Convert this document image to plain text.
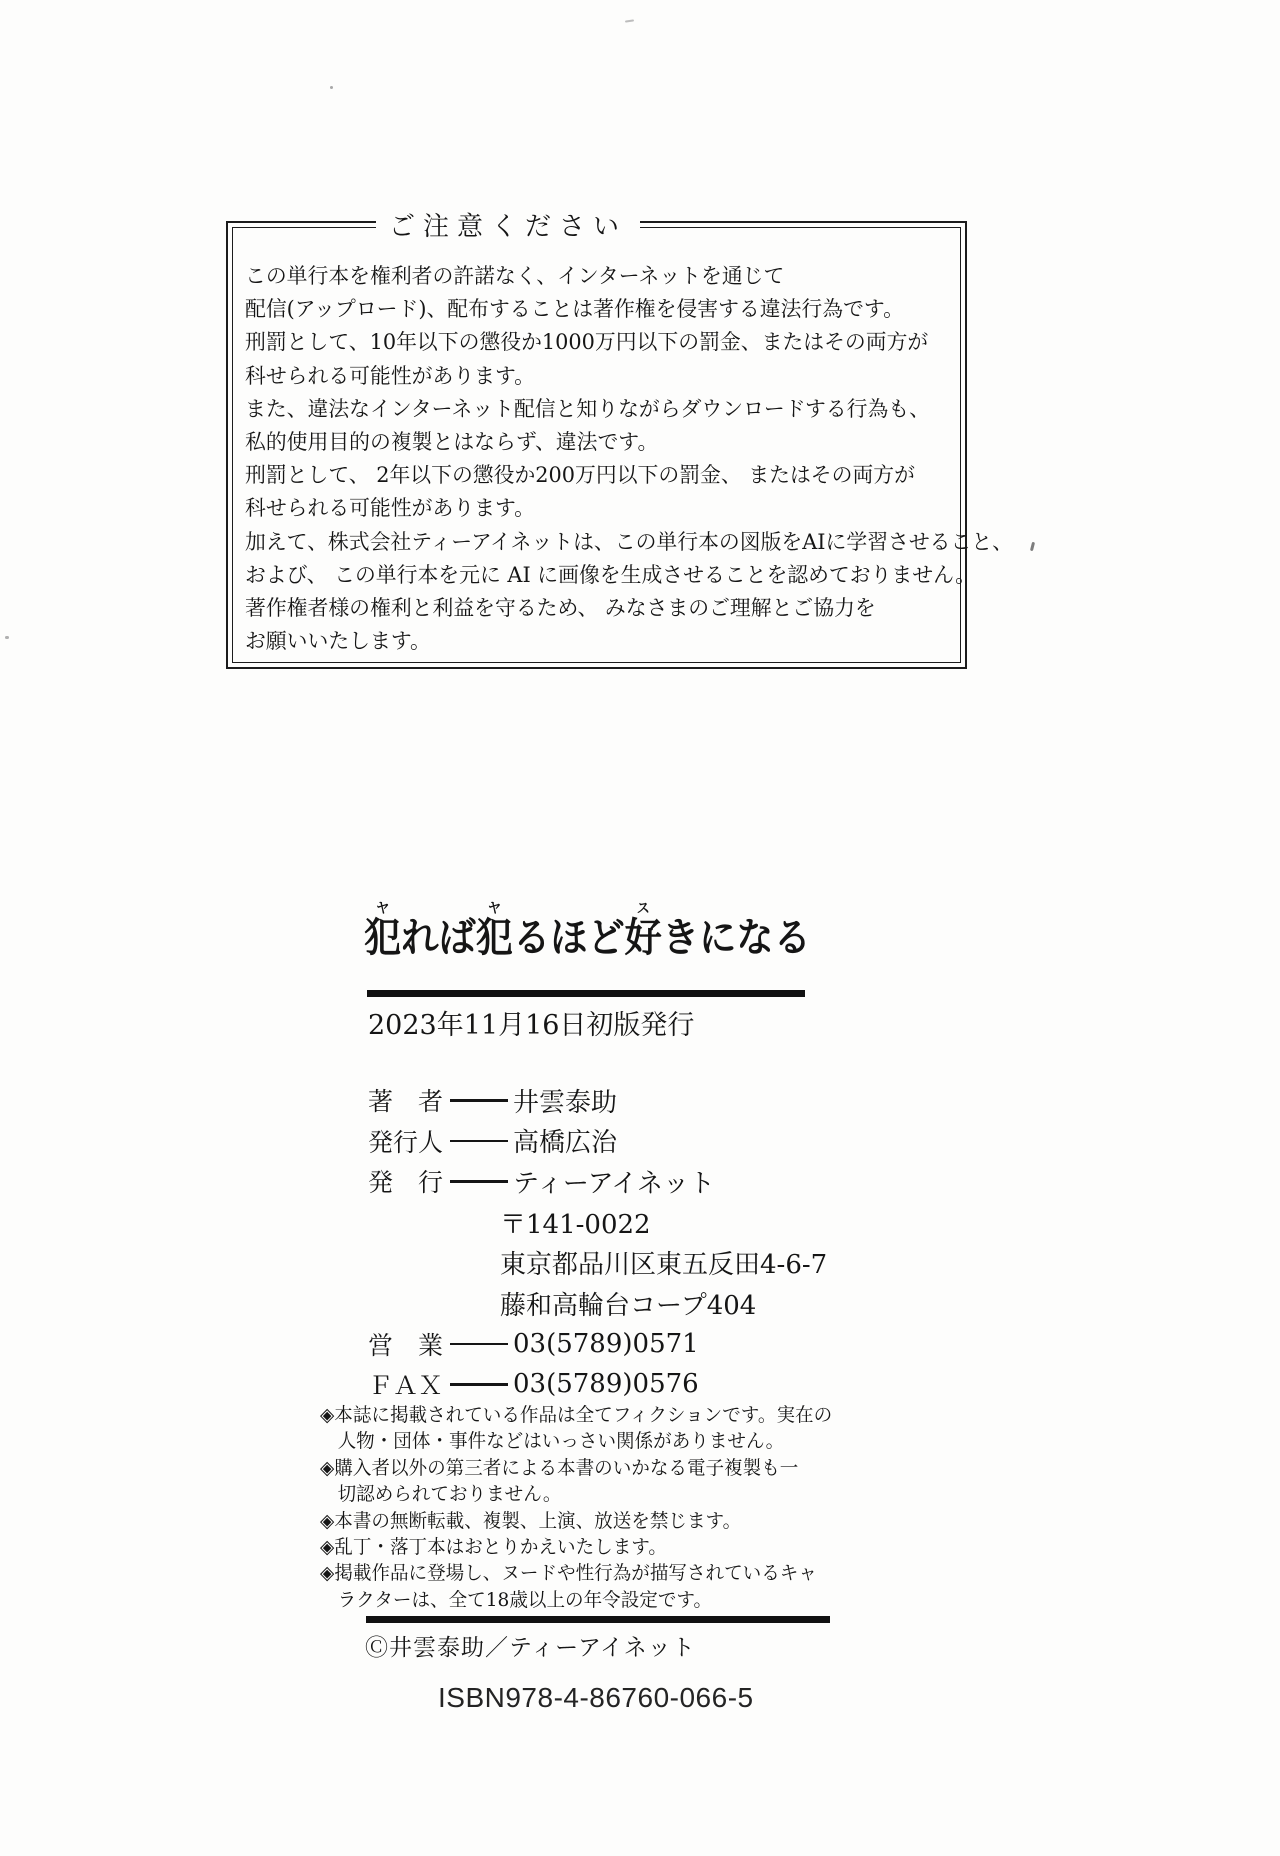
ご注意ください
この単行本を権利者の許諾なく、インターネットを通じて
配信(アップロード)、配布することは著作権を侵害する違法行為です。
刑罰として、10年以下の懲役か1000万円以下の罰金、またはその両方が
科せられる可能性があります。
また、違法なインターネット配信と知りながらダウンロードする行為も、
私的使用目的の複製とはならず、違法です。
刑罰として、 2年以下の懲役か200万円以下の罰金、 またはその両方が
科せられる可能性があります。
加えて、株式会社ティーアイネットは、この単行本の図版をAIに学習させること、
および、 この単行本を元に AI に画像を生成させることを認めておりません。
著作権者様の権利と利益を守るため、 みなさまのご理解とご協力を
お願いいたします。
犯ヤれば犯ヤるほど好スきになる
2023年11月16日初版発行
著　者	井雲泰助
発行人	高橋広治
発　行	ティーアイネット
〒141-0022
東京都品川区東五反田4-6-7
藤和高輪台コープ404
営　業	03(5789)0571
ＦＡＸ	03(5789)0576
◈本誌に掲載されている作品は全てフィクションです。実在の
人物・団体・事件などはいっさい関係がありません。
◈購入者以外の第三者による本書のいかなる電子複製も一
切認められておりません。
◈本書の無断転載、複製、上演、放送を禁じます。
◈乱丁・落丁本はおとりかえいたします。
◈掲載作品に登場し、ヌードや性行為が描写されているキャ
ラクターは、全て18歳以上の年令設定です。
Ⓒ井雲泰助／ティーアイネット
ISBN978-4-86760-066-5
